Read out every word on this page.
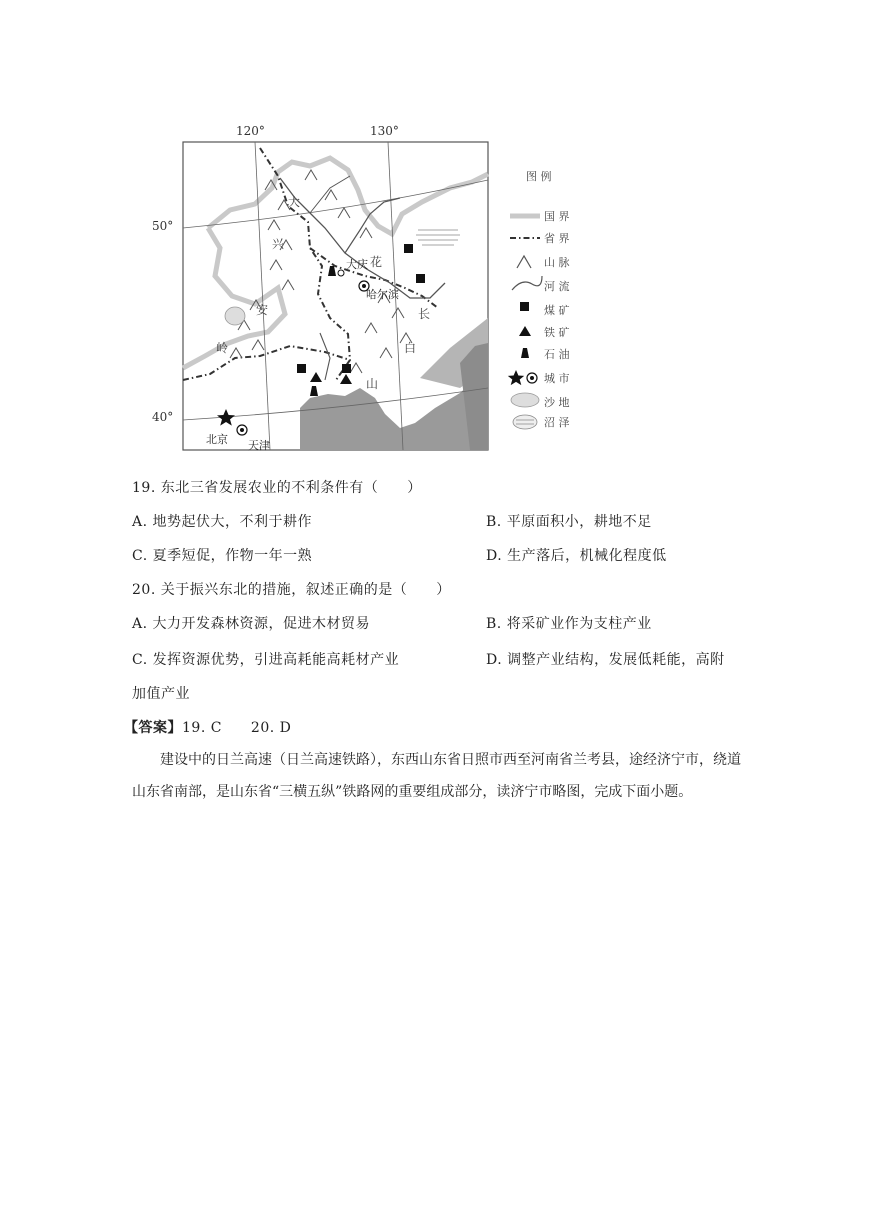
120°	130°
50°
40°
大
兴
安
岭
长
白
山
花
大庆
哈尔滨
北京 天津
图 例
国 界
省 界
山 脉
河 流
煤 矿
铁 矿
石 油
城 市
沙 地
沼 泽
19. 东北三省发展农业的不利条件有（　　）
A. 地势起伏大，不利于耕作	B. 平原面积小，耕地不足
C. 夏季短促，作物一年一熟	D. 生产落后，机械化程度低
20. 关于振兴东北的措施，叙述正确的是（　　）
A. 大力开发森林资源，促进木材贸易	B. 将采矿业作为支柱产业
C. 发挥资源优势，引进高耗能高耗材产业	D. 调整产业结构，发展低耗能，高附
加值产业
【答案】19. C　　20. D
建设中的日兰高速（日兰高速铁路），东西山东省日照市西至河南省兰考县，途经济宁市，绕道山东省南部，是山东省“三横五纵”铁路网的重要组成部分，读济宁市略图，完成下面小题。
